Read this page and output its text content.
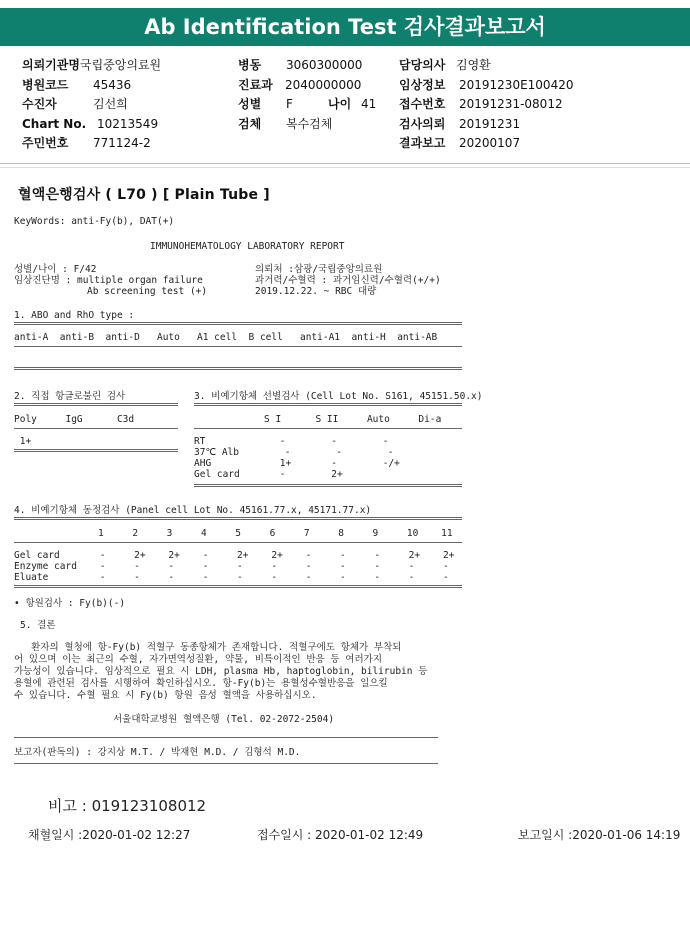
Ab Identification Test 검사결과보고서
의뢰기관명 국립중앙의료원
병원코드 45436
수진자	김선희
Chart No. 10213549
주민번호 771124-2
병동 3060300000
진료과 2040000000
성별 F	나이 41
검체 복수검체
담당의사 김영환
임상정보 20191230E100420
접수번호 20191231-08012
검사의뢰 20191231
결과보고 20200107
혈액은행검사 ( L70 ) [ Plain Tube ]
KeyWords: anti-Fy(b), DAT(+)
IMMUNOHEMATOLOGY LABORATORY REPORT
성별/나이 : F/42
임상진단명 : multiple organ failure
Ab screening test (+)
의뢰처 :삼광/국립중앙의료원
과거력/수혈력 : 과거임신력/수혈력(+/+)
2019.12.22. ~ RBC 대량
1. ABO and RhO type :
anti-A  anti-B  anti-D   Auto   A1 cell  B cell   anti-A1  anti-H  anti-AB
2. 직접 항글로불린 검사
Poly     IgG      C3d
1+
3. 비예기항체 선별검사 (Cell Lot No. S161, 45151.50.x)
S I      S II     Auto     Di-a
RT             -        -        -
37℃ Alb        -        -        -
AHG            1+       -        -/+
Gel card       -        2+
4. 비예기항체 동정검사 (Panel cell Lot No. 45161.77.x, 45171.77.x)
1     2     3     4     5     6     7     8     9     10    11
Gel card       -     2+    2+    -     2+    2+    -     -     -     2+    2+
Enzyme card    -     -     -     -     -     -     -     -     -     -     -
Eluate         -     -     -     -     -     -     -     -     -     -     -
• 항원검사 : Fy(b)(-)
5. 결론
환자의 혈청에 항-Fy(b) 적혈구 동종항체가 존재합니다. 적혈구에도 항체가 부착되
어 있으며 이는 최근의 수혈, 자가면역성질환, 약물, 비특이적인 반응 등 여러가지
가능성이 있습니다. 임상적으로 필요 시 LDH, plasma Hb, haptoglobin, bilirubin 등
용혈에 관련된 검사를 시행하여 확인하십시오. 항-Fy(b)는 용혈성수혈반응을 일으킬
수 있습니다. 수혈 필요 시 Fy(b) 항원 음성 혈액을 사용하십시오.
서울대학교병원 혈액은행 (Tel. 02-2072-2504)
보고자(판독의) : 강지상 M.T. / 박재현 M.D. / 김형석 M.D.
비고 : 019123108012
채혈일시 :2020-01-02 12:27	접수일시 : 2020-01-02 12:49	보고일시 :2020-01-06 14:19
